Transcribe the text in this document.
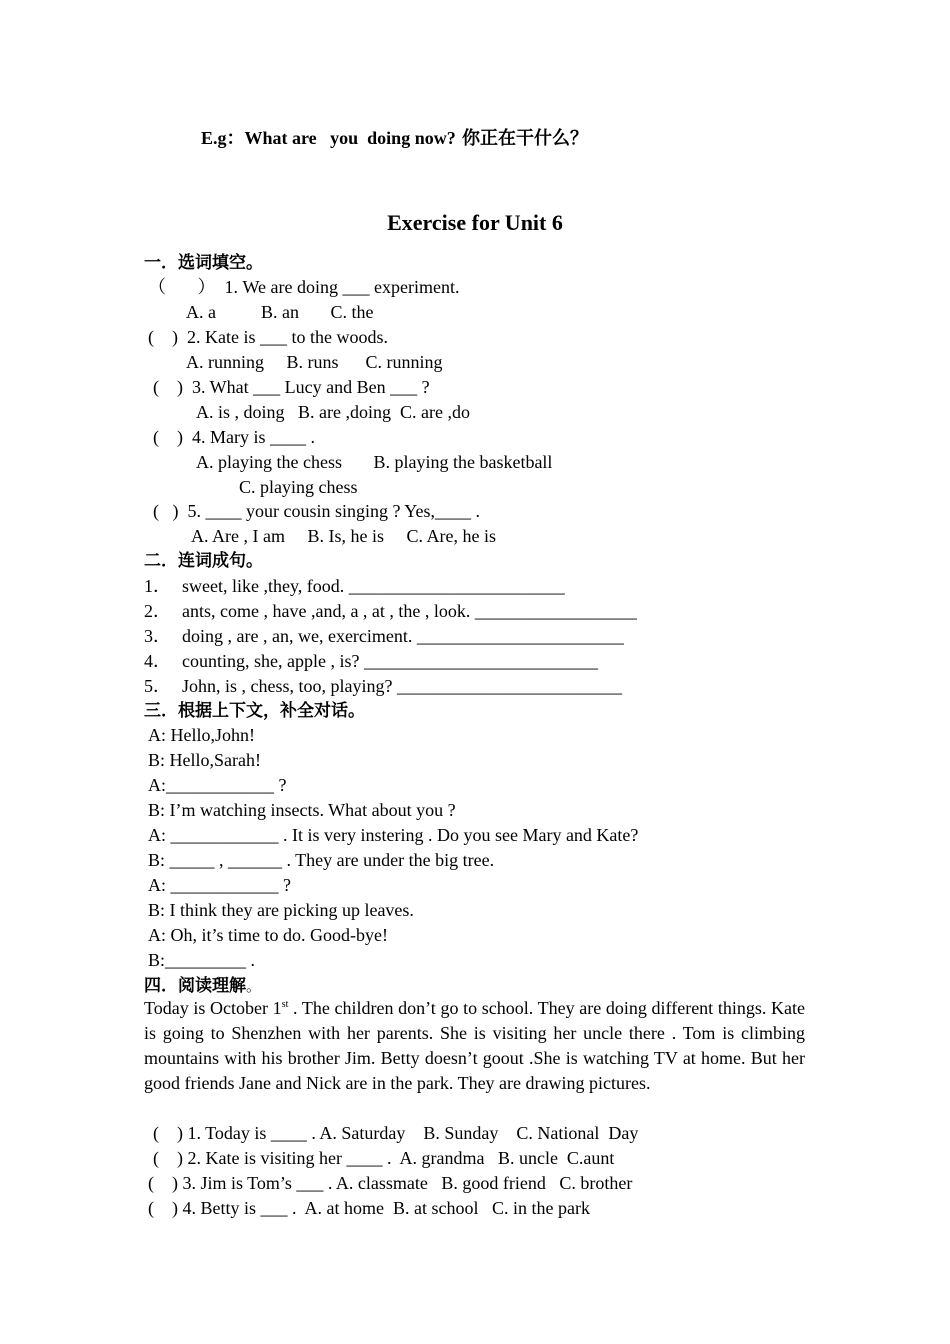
E.g：What are   you  doing now? 你正在干什么？
Exercise for Unit 6
一．选词填空。
（       ）  1. We are doing ___ experiment.
A. a          B. an       C. the
(    )  2. Kate is ___ to the woods.
A. running     B. runs      C. running
(    )  3. What ___ Lucy and Ben ___ ?
A. is , doing   B. are ,doing  C. are ,do
(    )  4. Mary is ____ .
A. playing the chess       B. playing the basketball
C. playing chess
(   )  5. ____ your cousin singing ? Yes,____ .
A. Are , I am     B. Is, he is     C. Are, he is
二．连词成句。
1． sweet, like ,they, food. ________________________
2． ants, come , have ,and, a , at , the , look. __________________
3． doing , are , an, we, exerciment. _______________________
4． counting, she, apple , is? __________________________
5． John, is , chess, too, playing? _________________________
三．根据上下文，补全对话。
A: Hello,John!
B: Hello,Sarah!
A:____________ ?
B: I’m watching insects. What about you ?
A: ____________ . It is very instering . Do you see Mary and Kate?
B: _____ , ______ . They are under the big tree.
A: ____________ ?
B: I think they are picking up leaves.
A: Oh, it’s time to do. Good-bye!
B:_________ .
四．阅读理解。
Today is October 1st . The children don’t go to school. They are doing different things. Kate is going to Shenzhen with her parents. She is visiting her uncle there . Tom is climbing mountains with his brother Jim. Betty doesn’t goout .She is watching TV at home. But her good friends Jane and Nick are in the park. They are drawing pictures.
(    ) 1. Today is ____ . A. Saturday    B. Sunday    C. National  Day
(    ) 2. Kate is visiting her ____ .  A. grandma   B. uncle  C.aunt
(    ) 3. Jim is Tom’s ___ . A. classmate   B. good friend   C. brother
(    ) 4. Betty is ___ .  A. at home  B. at school   C. in the park
